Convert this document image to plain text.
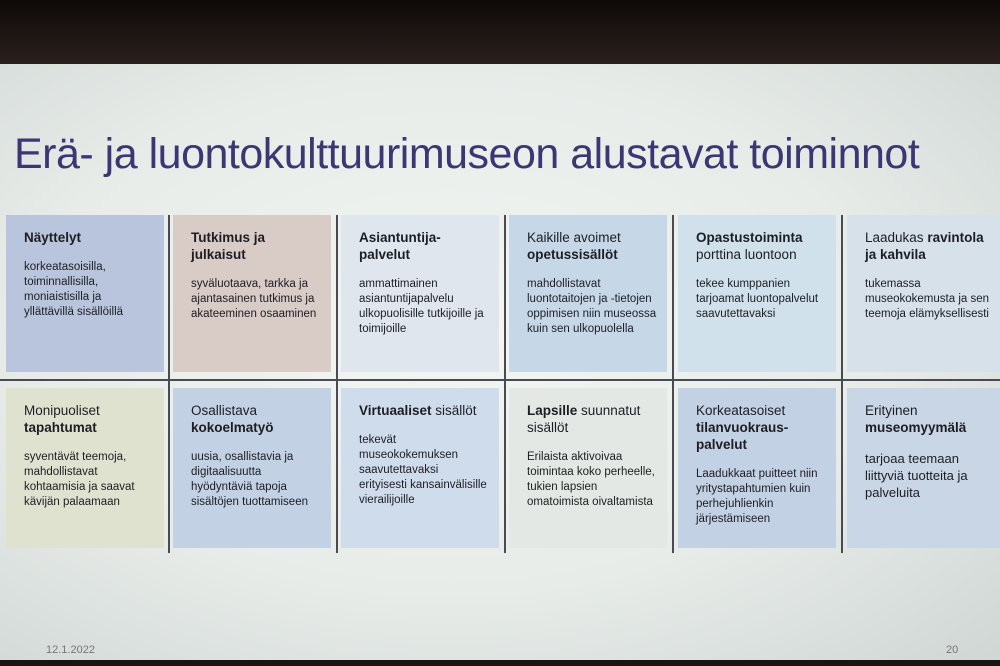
Erä- ja luontokulttuurimuseon alustavat toiminnot
Näyttelyt
korkeatasoisilla, toiminnallisilla, moniaistisilla ja yllättävillä sisällöillä
Tutkimus ja julkaisut
syväluotaava, tarkka ja ajantasainen tutkimus ja akateeminen osaaminen
Asiantuntija-palvelut
ammattimainen asiantuntijapalvelu ulkopuolisille tutkijoille ja toimijoille
Kaikille avoimet opetussisällöt
mahdollistavat luontotaitojen ja -tietojen oppimisen niin museossa kuin sen ulkopuolella
Opastustoiminta porttina luontoon
tekee kumppanien tarjoamat luontopalvelut saavutettavaksi
Laadukas ravintola ja kahvila
tukemassa museokokemusta ja sen teemoja elämyksellisesti
Monipuoliset tapahtumat
syventävät teemoja, mahdollistavat kohtaamisia ja saavat kävijän palaamaan
Osallistava kokoelmatyö
uusia, osallistavia ja digitaalisuutta hyödyntäviä tapoja sisältöjen tuottamiseen
Virtuaaliset sisällöt
tekevät museokokemuksen saavutettavaksi erityisesti kansainvälisille vierailijoille
Lapsille suunnatut sisällöt
Erilaista aktivoivaa toimintaa koko perheelle, tukien lapsien omatoimista oivaltamista
Korkeatasoiset tilanvuokraus-palvelut
Laadukkaat puitteet niin yritystapahtumien kuin perhejuhlienkin järjestämiseen
Erityinen museomyymälä
tarjoaa teemaan liittyviä tuotteita ja palveluita
12.1.2022	20
